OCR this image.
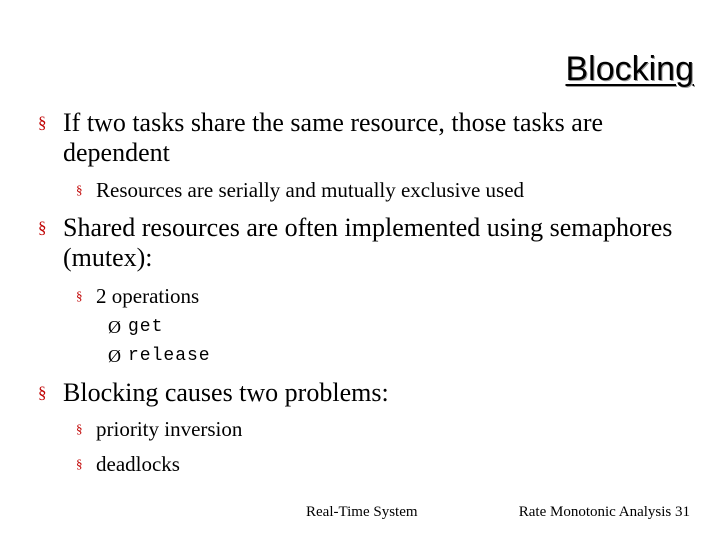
Blocking
§ If two tasks share the same resource, those tasks are dependent
§ Resources are serially and mutually exclusive used
§ Shared resources are often implemented using semaphores (mutex):
§ 2 operations
Ø get
Ø release
§ Blocking causes two problems:
§ priority inversion
§ deadlocks
Real-Time System	Rate Monotonic Analysis 31
